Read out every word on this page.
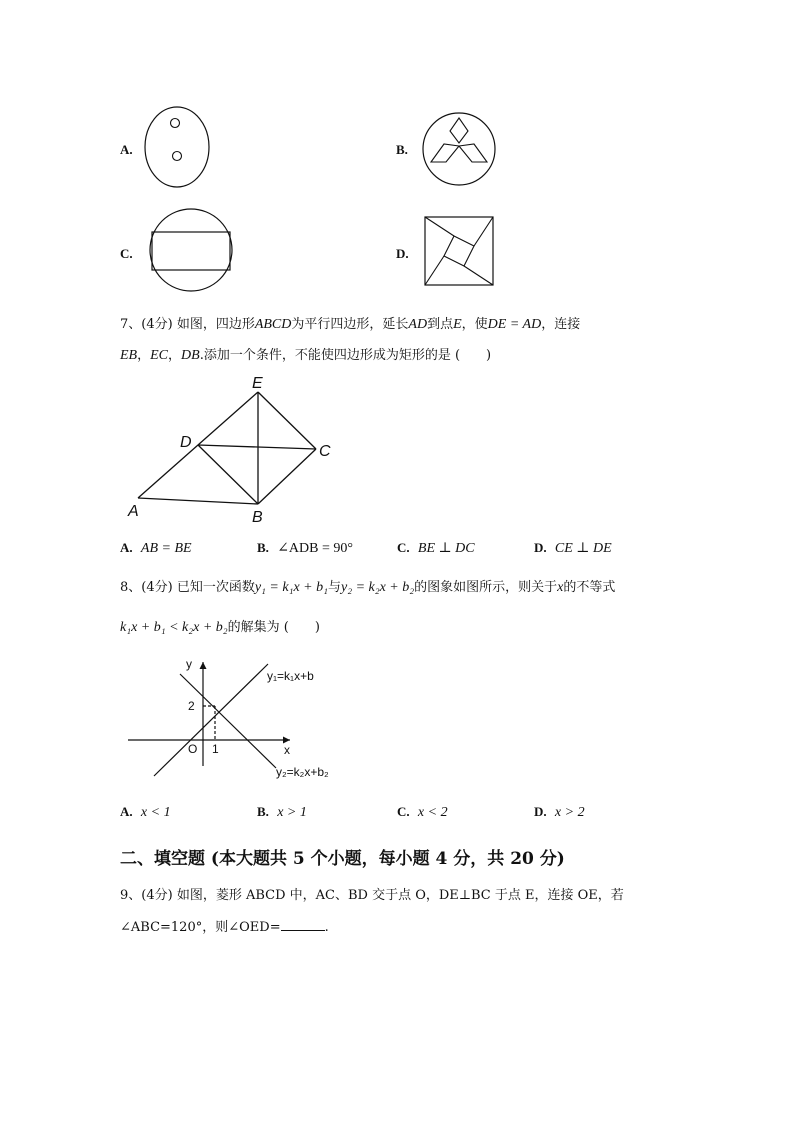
A.	B.
C.	D.
7、(4分) 如图，四边形ABCD为平行四边形，延长AD到点E，使DE = AD，连接
EB，EC，DB.添加一个条件，不能使四边形成为矩形的是 (　　)
E
D
C
A	B
A. AB = BE	B. ∠ADB = 90°	C. BE ⊥ DC	D. CE ⊥ DE
8、(4分) 已知一次函数y₁ = k₁x + b₁与y₂ = k₂x + b₂的图象如图所示，则关于x的不等式
k₁x + b₁ < k₂x + b₂的解集为 (　　)
y
x
O
2
1
y₁=k₁x+b
y₂=k₂x+b₂
A. x < 1	B. x > 1	C. x < 2	D. x > 2
二、填空题 (本大题共 5 个小题，每小题 4 分，共 20 分)
9、(4分) 如图，菱形 ABCD 中，AC、BD 交于点 O，DE⊥BC 于点 E，连接 OE，若
∠ABC=120°，则∠OED=	.
